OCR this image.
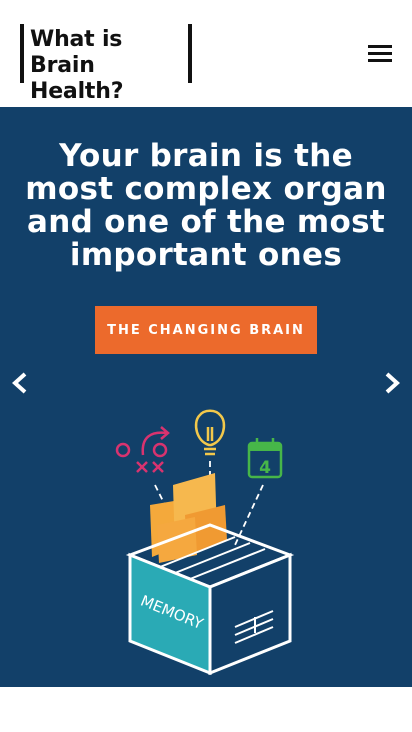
What is
Brain Health?
Your brain is the most complex organ and one of the most important ones
THE CHANGING BRAIN
4
MEMORY
